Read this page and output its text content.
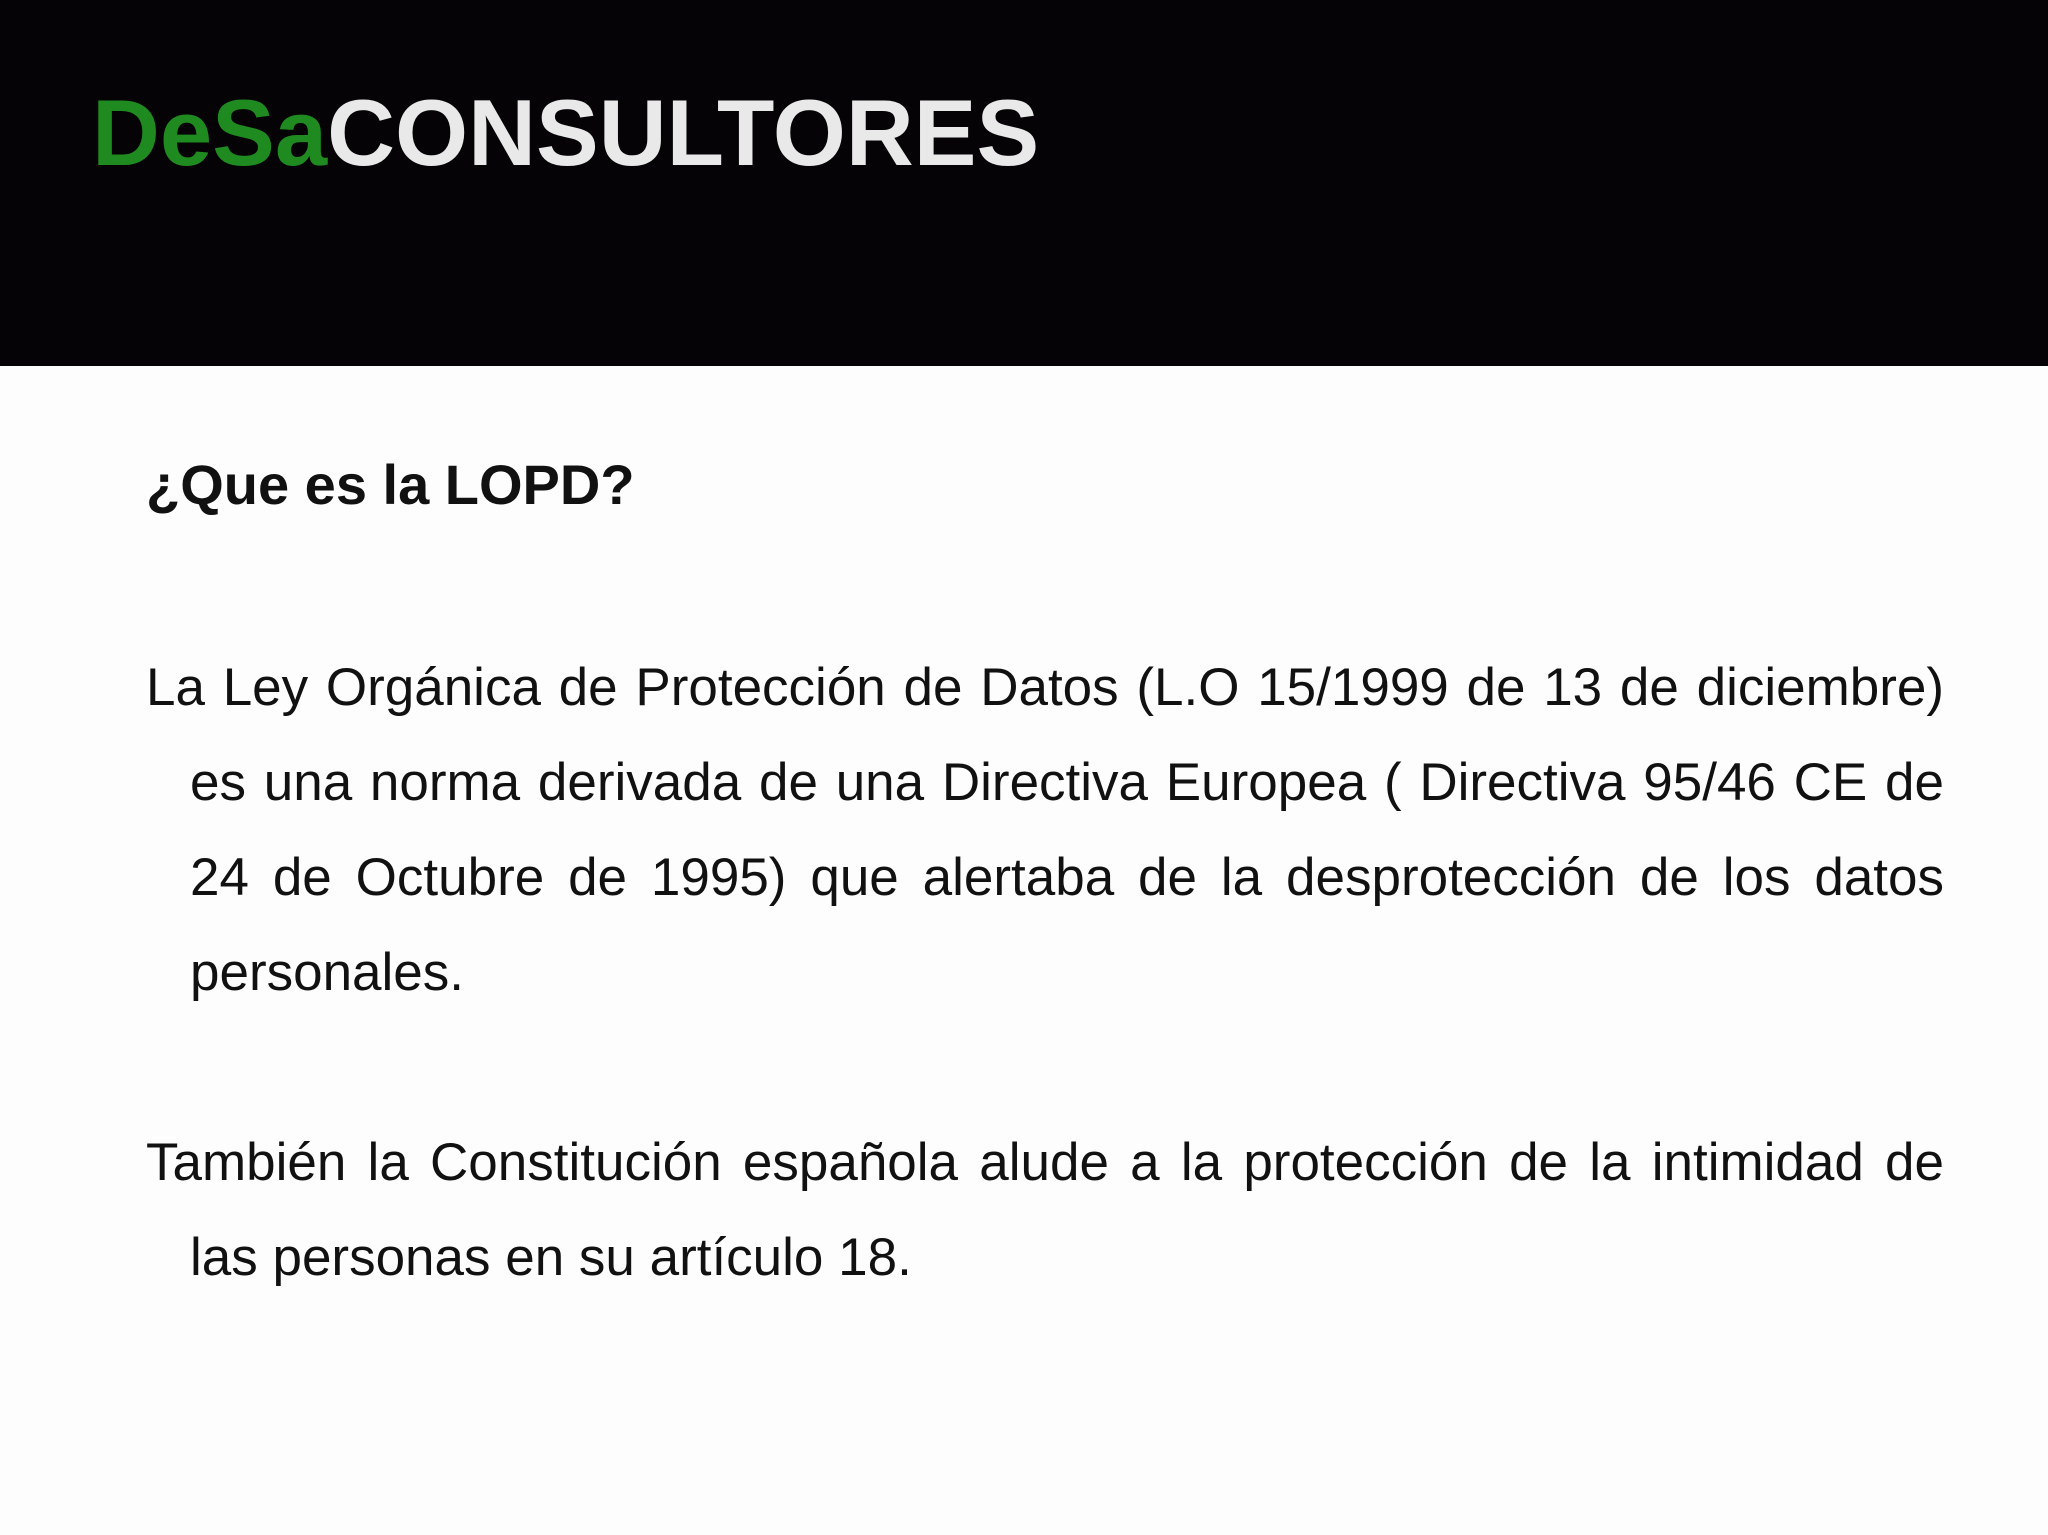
DeSaCONSULTORES
¿Que es la LOPD?

La Ley Orgánica de Protección de Datos (L.O 15/1999 de 13 de diciembre) es una norma derivada de una Directiva Europea ( Directiva 95/46 CE de 24 de Octubre de 1995) que alertaba de la desprotección de los datos personales.

También la Constitución española alude a la protección de la intimidad de las personas en su artículo 18.
